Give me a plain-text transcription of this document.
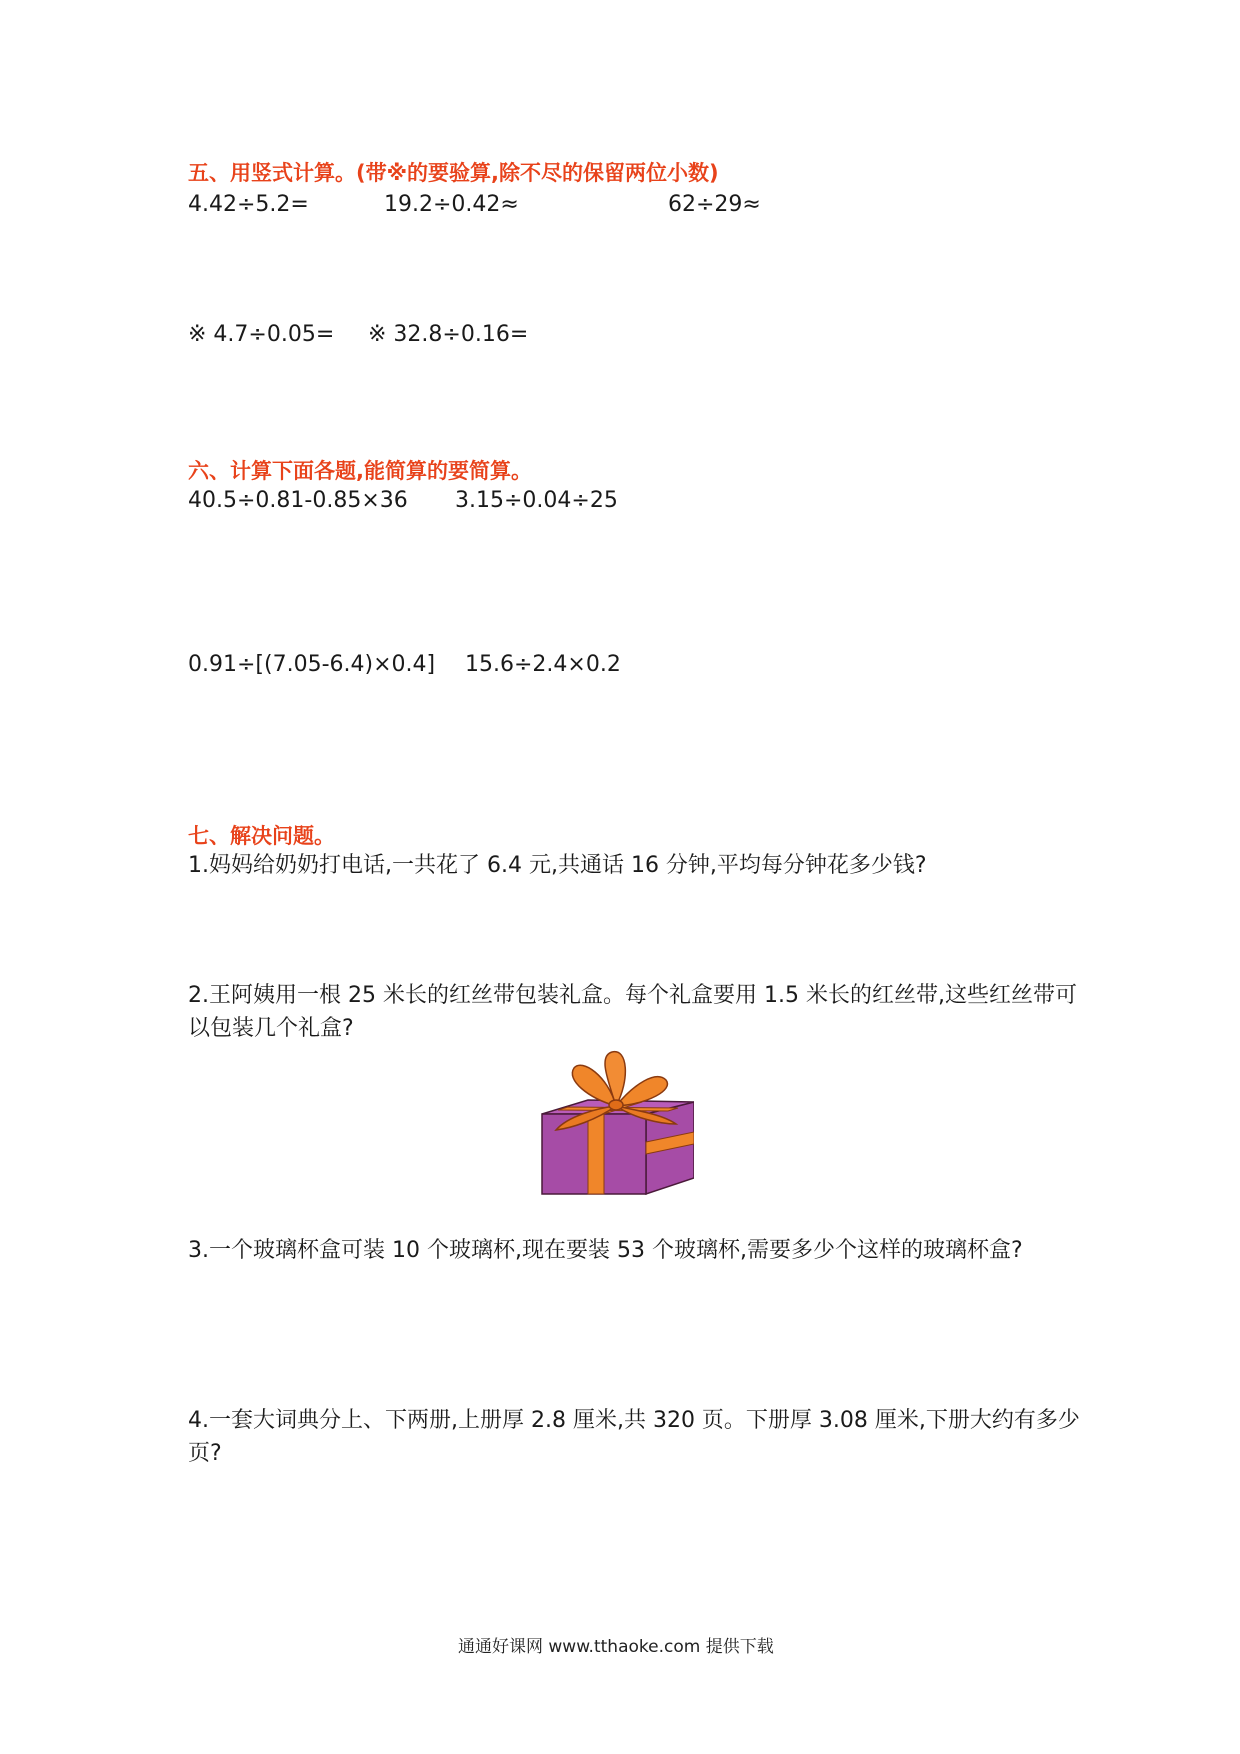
五、用竖式计算。(带※的要验算,除不尽的保留两位小数)
4.42÷5.2=	19.2÷0.42≈	62÷29≈
※ 4.7÷0.05= ※ 32.8÷0.16=
六、计算下面各题,能简算的要简算。
40.5÷0.81-0.85×36 3.15÷0.04÷25
0.91÷[(7.05-6.4)×0.4] 15.6÷2.4×0.2
七、解决问题。
1.妈妈给奶奶打电话,一共花了 6.4 元,共通话 16 分钟,平均每分钟花多少钱?
2.王阿姨用一根 25 米长的红丝带包装礼盒。每个礼盒要用 1.5 米长的红丝带,这些红丝带可
以包装几个礼盒?
3.一个玻璃杯盒可装 10 个玻璃杯,现在要装 53 个玻璃杯,需要多少个这样的玻璃杯盒?
4.一套大词典分上、下两册,上册厚 2.8 厘米,共 320 页。下册厚 3.08 厘米,下册大约有多少
页?
通通好课网 www.tthaoke.com 提供下载
